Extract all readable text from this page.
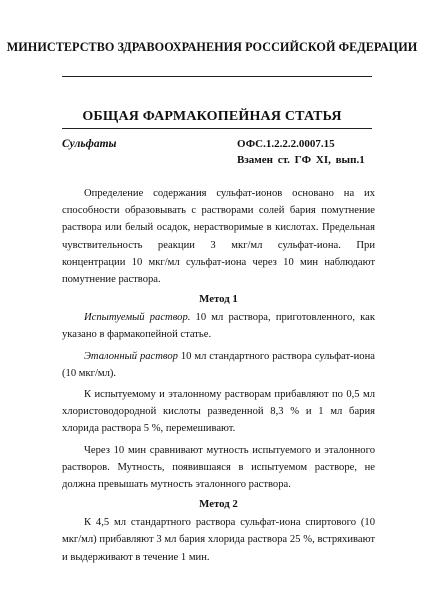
МИНИСТЕРСТВО ЗДРАВООХРАНЕНИЯ РОССИЙСКОЙ ФЕДЕРАЦИИ
ОБЩАЯ ФАРМАКОПЕЙНАЯ СТАТЬЯ
Сульфаты	ОФС.1.2.2.2.0007.15
Взамен ст. ГФ XI, вып.1

Определение содержания сульфат-ионов основано на их способности образовывать с растворами солей бария помутнение раствора или белый осадок, нерастворимые в кислотах. Предельная чувствительность реакции 3 мкг/мл сульфат-иона. При концентрации 10 мкг/мл сульфат-иона через 10 мин наблюдают помутнение раствора.

Метод 1

Испытуемый раствор. 10 мл раствора, приготовленного, как указано в фармакопейной статье.

Эталонный раствор 10 мл стандартного раствора сульфат-иона (10 мкг/мл).

К испытуемому и эталонному растворам прибавляют по 0,5 мл хлористоводородной кислоты разведенной 8,3 % и 1 мл бария хлорида раствора 5 %, перемешивают.

Через 10 мин сравнивают мутность испытуемого и эталонного растворов. Мутность, появившаяся в испытуемом растворе, не должна превышать мутность эталонного раствора.

Метод 2

К 4,5 мл стандартного раствора сульфат-иона спиртового (10 мкг/мл) прибавляют 3 мл бария хлорида раствора 25 %, встряхивают и выдерживают в течение 1 мин.
